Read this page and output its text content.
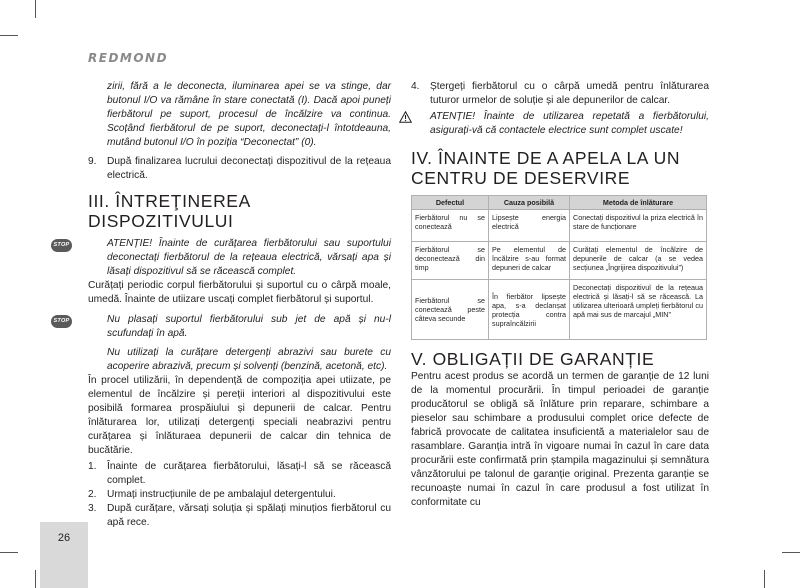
REDMOND

zirii, fără a le deconecta, iluminarea apei se va stinge, dar butonul I/O va rămâne în stare conectată (I). Dacă apoi puneți fierbătorul pe suport, procesul de încălzire va continua. Scoțând fierbătorul de pe suport, deconectați-l întotdeauna, mutând butonul I/O în poziția “Deconectat” (0).

9. După finalizarea lucrului deconectați dispozitivul de la rețeaua electrică.
III. ÎNTREŢINEREA DISPOZITIVULUI
STOP	ATENȚIE! Înainte de curățarea fierbătorului sau suportului deconectați fierbătorul de la rețeaua electrică, vărsați apa și lăsați dispozitivul să se răcească complet.

Curățați periodic corpul fierbătorului și suportul cu o cârpă moale, umedă. Înainte de utiizare uscați complet fierbătorul și suportul.

STOP	Nu plasați suportul fierbătorului sub jet de apă și nu-l scufundați în apă.

Nu utilizați la curățare detergenți abrazivi sau burete cu acoperire abrazivă, precum și solvenți (benzină, acetonă, etc).

În procel utilizării, în dependență de compoziția apei utiizate, pe elementul de încălzire și pereții interiori al dispozitivului este posibilă formarea prospăiului și depunerii de calcar. Pentru înlăturarea lor, utilizați detergenți speciali neabrazivi pentru curățarea și înlăturaea depunerii de calcar din tehnica de bucătărie.

1. Înainte de curățarea fierbătorului, lăsați-l să se răcească complet.
2. Urmați instrucțiunile de pe ambalajul detergentului.
3. După curățare, vărsați soluția și spălați minuțios fierbătorul cu apă rece.
4. Ștergeți fierbătorul cu o cârpă umedă pentru înlăturarea tuturor urmelor de soluție și ale depunerilor de calcar.
ATENȚIE! Înainte de utilizarea repetată a fierbătorului, asigurați-vă că contactele electrice sunt complet uscate!
IV. ÎNAINTE DE A APELA LA UN CENTRU DE DESERVIRE
Defectul	Cauza posibilă	Metoda de înlăturare
Fierbătorul nu se conectează	Lipsește energia electrică	Conectați dispozitivul la priza electrică în stare de funcționare
Fierbătorul se deconectează din timp	Pe elementul de încălzire s-au format depuneri de calcar	Curățați elementul de încălzire de depunerile de calcar (a se vedea secțiunea „Îngrijirea dispozitivului”)
Fierbătorul se conectează peste câteva secunde	În fierbător lipsește apa, s-a declanșat protecția contra supraîncălzirii	Deconectați dispozitivul de la rețeaua electrică și lăsați-l să se răcească. La utilizarea ulterioară umpleți fierbătorul cu apă mai sus de marcajul „MIN”
V. OBLIGAȚII DE GARANȚIE

Pentru acest produs se acordă un termen de garanție de 12 luni de la momentul procurării. În timpul perioadei de garanție producătorul se obligă să înlăture prin reparare, schimbare a pieselor sau schimbare a produsului complet orice defecte de fabrică provocate de calitatea insuficientă a materialelor sau de rasamblare. Garanția intră în vigoare numai în cazul în care data procurării este confirmată prin ștampila magazinului și semnătura vânzătorului pe talonul de garanție original. Prezenta garanție se recunoaște numai în cazul în care produsul a fost utilizat în conformitate cu

26
